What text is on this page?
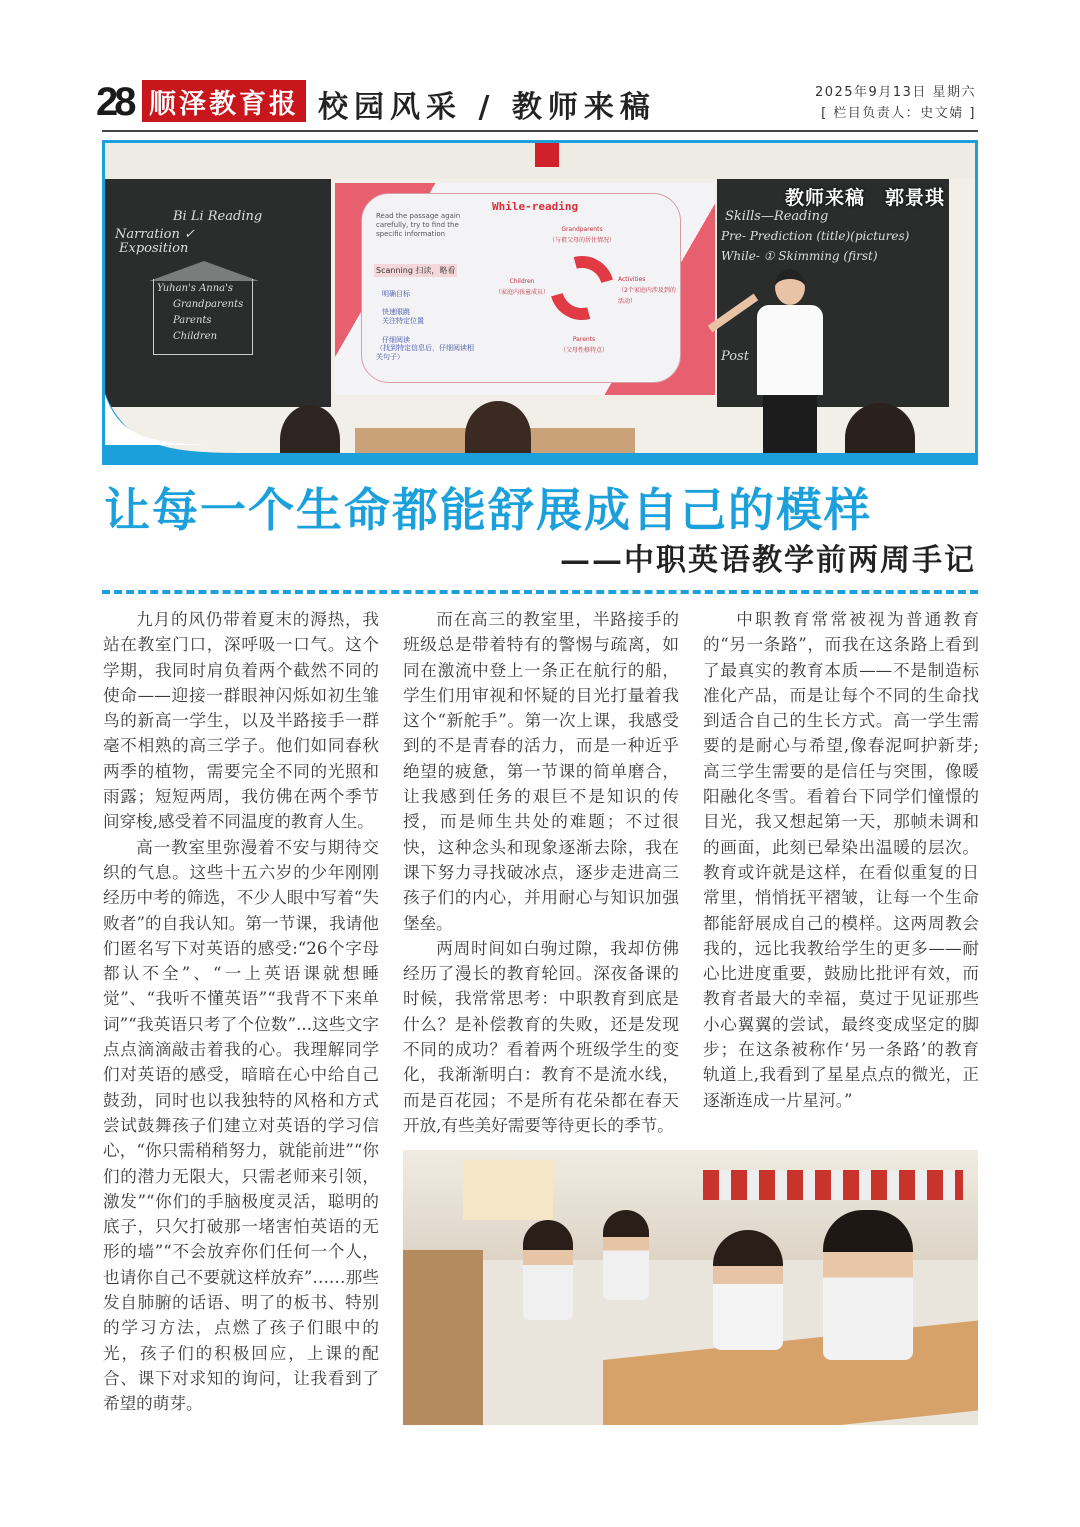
28 顺泽教育报 校园风采 / 教师来稿	2025年9月13日 星期六
[ 栏目负责人：史文婧 ]
Bi Li Reading
Narration ✓
Exposition
Yuhan's Anna's
Grandparents
Parents
Children
Skills—Reading
Pre- Prediction (title)(pictures)
While- ① Skimming (first)
Post
While-reading
Read the passage again carefully, try to find the specific information
Scanning 扫读，略看
明确目标
快速眼跳
关注特定位置
仔细阅读
（找到特定信息后，仔细阅读相关句子）
Grandparents
（与祖父母的居住情况）
Activities
（2个家庭内涉及到的活动）
Parents
（父母性格特点）
Children
（家庭内孩童成员）
教师来稿　郭景琪
让每一个生命都能舒展成自己的模样
——中职英语教学前两周手记

九月的风仍带着夏末的溽热，我站在教室门口，深呼吸一口气。这个学期，我同时肩负着两个截然不同的使命——迎接一群眼神闪烁如初生雏鸟的新高一学生，以及半路接手一群毫不相熟的高三学子。他们如同春秋两季的植物，需要完全不同的光照和雨露；短短两周，我仿佛在两个季节间穿梭,感受着不同温度的教育人生。

高一教室里弥漫着不安与期待交织的气息。这些十五六岁的少年刚刚经历中考的筛选，不少人眼中写着“失败者”的自我认知。第一节课，我请他们匿名写下对英语的感受:“26个字母都认不全”、“一上英语课就想睡觉”、“我听不懂英语”“我背不下来单词”“我英语只考了个位数”...这些文字点点滴滴敲击着我的心。我理解同学们对英语的感受，暗暗在心中给自己鼓劲，同时也以我独特的风格和方式尝试鼓舞孩子们建立对英语的学习信心，“你只需稍稍努力，就能前进”“你们的潜力无限大，只需老师来引领，激发”“你们的手脑极度灵活，聪明的底子，只欠打破那一堵害怕英语的无形的墙”“不会放弃你们任何一个人，也请你自己不要就这样放弃”……那些发自肺腑的话语、明了的板书、特别的学习方法，点燃了孩子们眼中的光，孩子们的积极回应，上课的配合、课下对求知的询问，让我看到了希望的萌芽。

而在高三的教室里，半路接手的班级总是带着特有的警惕与疏离，如同在激流中登上一条正在航行的船，学生们用审视和怀疑的目光打量着我这个“新舵手”。第一次上课，我感受到的不是青春的活力，而是一种近乎绝望的疲惫，第一节课的简单磨合，让我感到任务的艰巨不是知识的传授，而是师生共处的难题；不过很快，这种念头和现象逐渐去除，我在课下努力寻找破冰点，逐步走进高三孩子们的内心，并用耐心与知识加强堡垒。

两周时间如白驹过隙，我却仿佛经历了漫长的教育轮回。深夜备课的时候，我常常思考：中职教育到底是什么？是补偿教育的失败，还是发现不同的成功？看着两个班级学生的变化，我渐渐明白：教育不是流水线，而是百花园；不是所有花朵都在春天开放,有些美好需要等待更长的季节。

中职教育常常被视为普通教育的“另一条路”，而我在这条路上看到了最真实的教育本质——不是制造标准化产品，而是让每个不同的生命找到适合自己的生长方式。高一学生需要的是耐心与希望,像春泥呵护新芽;高三学生需要的是信任与突围，像暖阳融化冬雪。看着台下同学们憧憬的目光，我又想起第一天，那帧未调和的画面，此刻已晕染出温暖的层次。教育或许就是这样，在看似重复的日常里，悄悄抚平褶皱，让每一个生命都能舒展成自己的模样。这两周教会我的，远比我教给学生的更多——耐心比进度重要，鼓励比批评有效，而教育者最大的幸福，莫过于见证那些小心翼翼的尝试，最终变成坚定的脚步；在这条被称作‘另一条路’的教育轨道上,我看到了星星点点的微光，正逐渐连成一片星河。”
